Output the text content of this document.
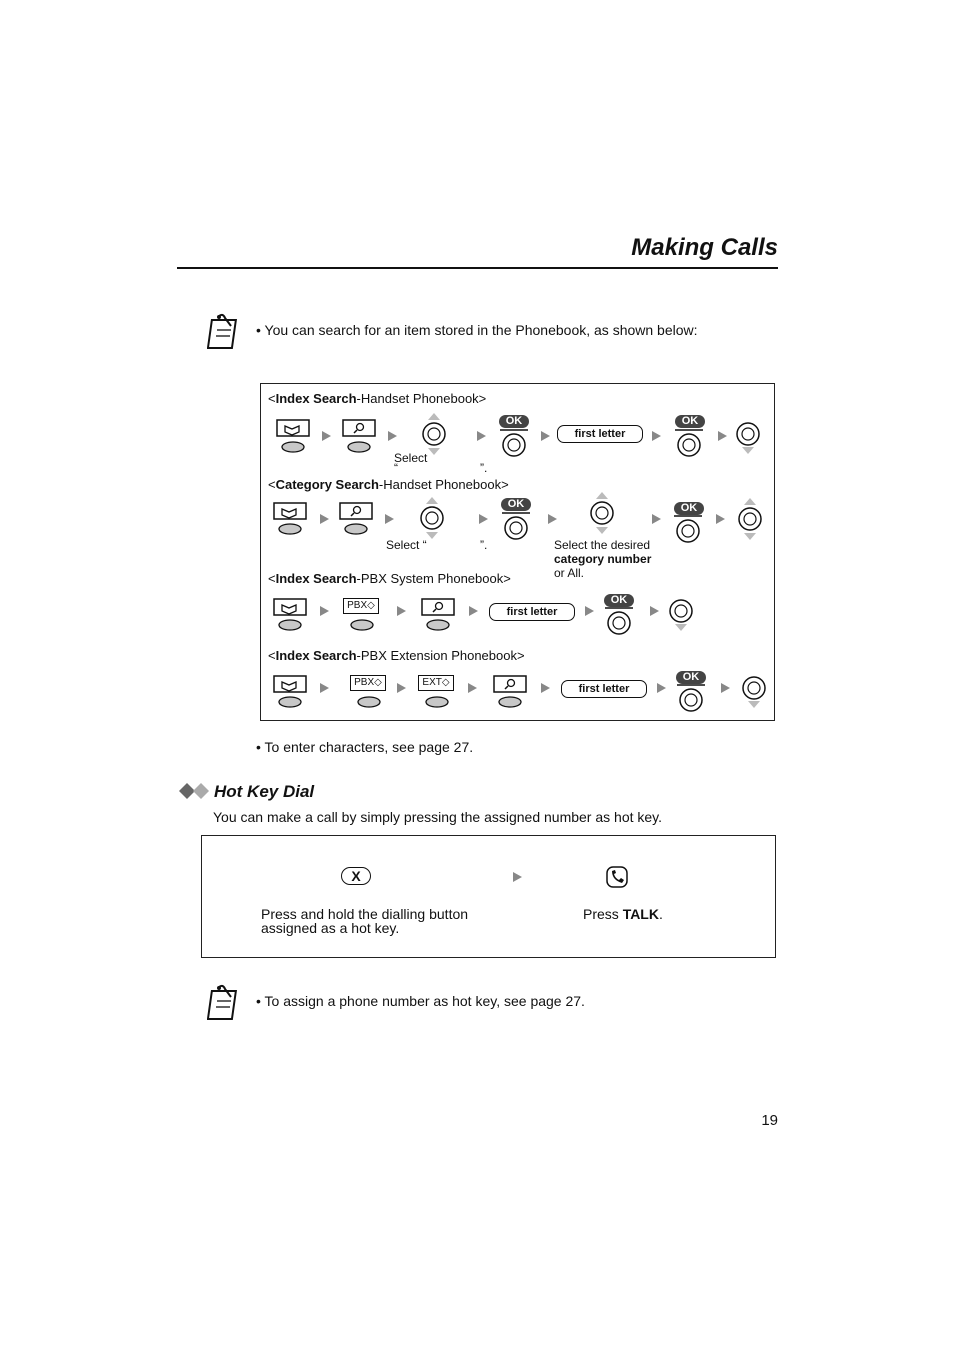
Making Calls
• You can search for an item stored in the Phonebook, as shown below:
<Index Search-Handset Phonebook>
Select
“	”.
OK
first letter
OK
<Category Search-Handset Phonebook>
Select “	”.
OK
Select the desired
category number
or All.
OK
<Index Search-PBX System Phonebook>
PBX◇
first letter
OK
<Index Search-PBX Extension Phonebook>
PBX◇	EXT◇
first letter
OK
• To enter characters, see page 27.
Hot Key Dial
You can make a call by simply pressing the assigned number as hot key.
X
Press and hold the dialling button
assigned as a hot key.
Press TALK.
• To assign a phone number as hot key, see page 27.
19
